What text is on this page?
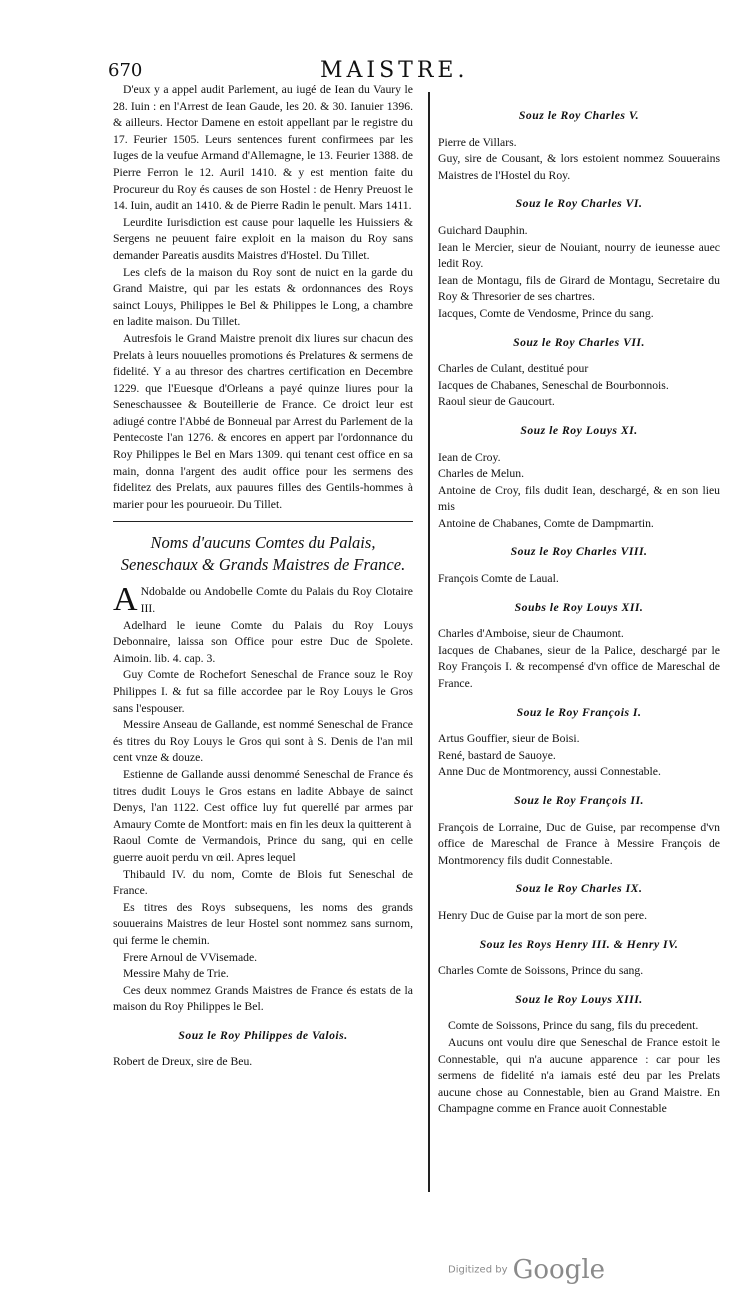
670	MAISTRE.

D'eux y a appel audit Parlement, au iugé de Iean du Vaury le 28. Iuin : en l'Arrest de Iean Gaude, les 20. & 30. Ianuier 1396. & ailleurs. Hector Damene en estoit appellant par le registre du 17. Feurier 1505. Leurs sentences furent confirmees par les Iuges de la veufue Armand d'Allemagne, le 13. Feurier 1388. de Pierre Ferron le 12. Auril 1410. & y est mention faite du Procureur du Roy és causes de son Hostel : de Henry Preuost le 14. Iuin, audit an 1410. & de Pierre Radin le penult. Mars 1411.

Leurdite Iurisdiction est cause pour laquelle les Huissiers & Sergens ne peuuent faire exploit en la maison du Roy sans demander Pareatis ausdits Maistres d'Hostel. Du Tillet.

Les clefs de la maison du Roy sont de nuict en la garde du Grand Maistre, qui par les estats & ordonnances des Roys sainct Louys, Philippes le Bel & Philippes le Long, a chambre en ladite maison. Du Tillet.

Autresfois le Grand Maistre prenoit dix liures sur chacun des Prelats à leurs nouuelles promotions és Prelatures & sermens de fidelité. Y a au thresor des chartres certification en Decembre 1229. que l'Euesque d'Orleans a payé quinze liures pour la Seneschaussee & Bouteillerie de France. Ce droict leur est adiugé contre l'Abbé de Bonneual par Arrest du Parlement de la Pentecoste l'an 1276. & encores en appert par l'ordonnance du Roy Philippes le Bel en Mars 1309. qui tenant cest office en sa main, donna l'argent des audit office pour les sermens des fidelitez des Prelats, aux pauures filles des Gentils-hommes à marier pour les pourueoir. Du Tillet.

Noms d'aucuns Comtes du Palais, Seneschaux & Grands Maistres de France.

A Ndobalde ou Andobelle Comte du Palais du Roy Clotaire III.

Adelhard le ieune Comte du Palais du Roy Louys Debonnaire, laissa son Office pour estre Duc de Spolete. Aimoin. lib. 4. cap. 3.

Guy Comte de Rochefort Seneschal de France souz le Roy Philippes I. & fut sa fille accordee par le Roy Louys le Gros sans l'espouser.

Messire Anseau de Gallande, est nommé Seneschal de France és titres du Roy Louys le Gros qui sont à S. Denis de l'an mil cent vnze & douze.

Estienne de Gallande aussi denommé Seneschal de France és titres dudit Louys le Gros estans en ladite Abbaye de sainct Denys, l'an 1122. Cest office luy fut querellé par armes par Amaury Comte de Montfort: mais en fin les deux la quitterent à

Raoul Comte de Vermandois, Prince du sang, qui en celle guerre auoit perdu vn œil. Apres lequel

Thibauld IV. du nom, Comte de Blois fut Seneschal de France.

Es titres des Roys subsequens, les noms des grands souuerains Maistres de leur Hostel sont nommez sans surnom, qui ferme le chemin.

Frere Arnoul de VVisemade.

Messire Mahy de Trie.

Ces deux nommez Grands Maistres de France és estats de la maison du Roy Philippes le Bel.

Souz le Roy Philippes de Valois.

Robert de Dreux, sire de Beu.

Souz le Roy Charles V.

Pierre de Villars.

Guy, sire de Cousant, & lors estoient nommez Souuerains Maistres de l'Hostel du Roy.

Souz le Roy Charles VI.

Guichard Dauphin.

Iean le Mercier, sieur de Nouiant, nourry de ieunesse auec ledit Roy.

Iean de Montagu, fils de Girard de Montagu, Secretaire du Roy & Thresorier de ses chartres.

Iacques, Comte de Vendosme, Prince du sang.

Souz le Roy Charles VII.

Charles de Culant, destitué pour

Iacques de Chabanes, Seneschal de Bourbonnois.

Raoul sieur de Gaucourt.

Souz le Roy Louys XI.

Iean de Croy.

Charles de Melun.

Antoine de Croy, fils dudit Iean, deschargé, & en son lieu mis

Antoine de Chabanes, Comte de Dampmartin.

Souz le Roy Charles VIII.

François Comte de Laual.

Soubs le Roy Louys XII.

Charles d'Amboise, sieur de Chaumont.

Iacques de Chabanes, sieur de la Palice, deschargé par le Roy François I. & recompensé d'vn office de Mareschal de France.

Souz le Roy François I.

Artus Gouffier, sieur de Boisi.

René, bastard de Sauoye.

Anne Duc de Montmorency, aussi Connestable.

Souz le Roy François II.

François de Lorraine, Duc de Guise, par recompense d'vn office de Mareschal de France à Messire François de Montmorency fils dudit Connestable.

Souz le Roy Charles IX.

Henry Duc de Guise par la mort de son pere.

Souz les Roys Henry III. & Henry IV.

Charles Comte de Soissons, Prince du sang.

Souz le Roy Louys XIII.

Comte de Soissons, Prince du sang, fils du precedent.

Aucuns ont voulu dire que Seneschal de France estoit le Connestable, qui n'a aucune apparence : car pour les sermens de fidelité n'a iamais esté deu par les Prelats aucune chose au Connestable, bien au Grand Maistre. En Champagne comme en France auoit Connestable

Digitized by Google
